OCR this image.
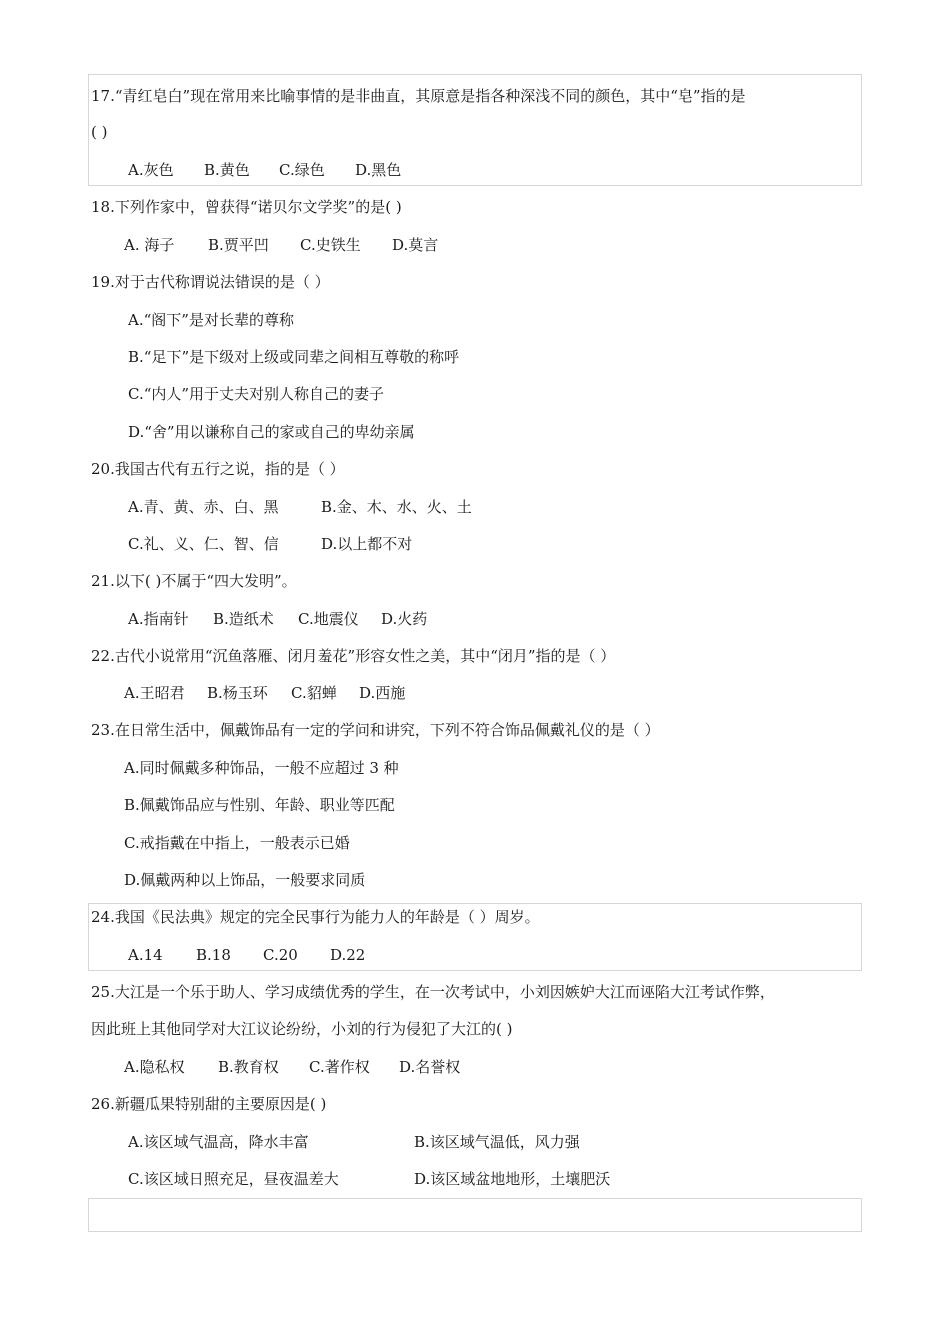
17.“青红皂白”现在常用来比喻事情的是非曲直，其原意是指各种深浅不同的颜色，其中“皂”指的是
( )
A.灰色 B.黄色 C.绿色 D.黑色
18.下列作家中，曾获得“诺贝尔文学奖”的是( )
A. 海子 B.贾平凹 C.史铁生 D.莫言
19.对于古代称谓说法错误的是（ ）
A.“阁下”是对长辈的尊称
B.“足下”是下级对上级或同辈之间相互尊敬的称呼
C.“内人”用于丈夫对别人称自己的妻子
D.“舍”用以谦称自己的家或自己的卑幼亲属
20.我国古代有五行之说，指的是（ ）
A.青、黄、赤、白、黑	B.金、木、水、火、土
C.礼、义、仁、智、信	D.以上都不对
21.以下( )不属于“四大发明”。
A.指南针 B.造纸术 C.地震仪 D.火药
22.古代小说常用“沉鱼落雁、闭月羞花”形容女性之美，其中“闭月”指的是（ ）
A.王昭君 B.杨玉环 C.貂蝉 D.西施
23.在日常生活中，佩戴饰品有一定的学问和讲究，下列不符合饰品佩戴礼仪的是（ ）
A.同时佩戴多种饰品，一般不应超过 3 种
B.佩戴饰品应与性别、年龄、职业等匹配
C.戒指戴在中指上，一般表示已婚
D.佩戴两种以上饰品，一般要求同质
24.我国《民法典》规定的完全民事行为能力人的年龄是（ ）周岁。
A.14 B.18 C.20 D.22
25.大江是一个乐于助人、学习成绩优秀的学生，在一次考试中，小刘因嫉妒大江而诬陷大江考试作弊，
因此班上其他同学对大江议论纷纷，小刘的行为侵犯了大江的( )
A.隐私权 B.教育权 C.著作权 D.名誉权
26.新疆瓜果特别甜的主要原因是( )
A.该区域气温高，降水丰富	B.该区域气温低，风力强
C.该区域日照充足，昼夜温差大	D.该区域盆地地形，土壤肥沃
